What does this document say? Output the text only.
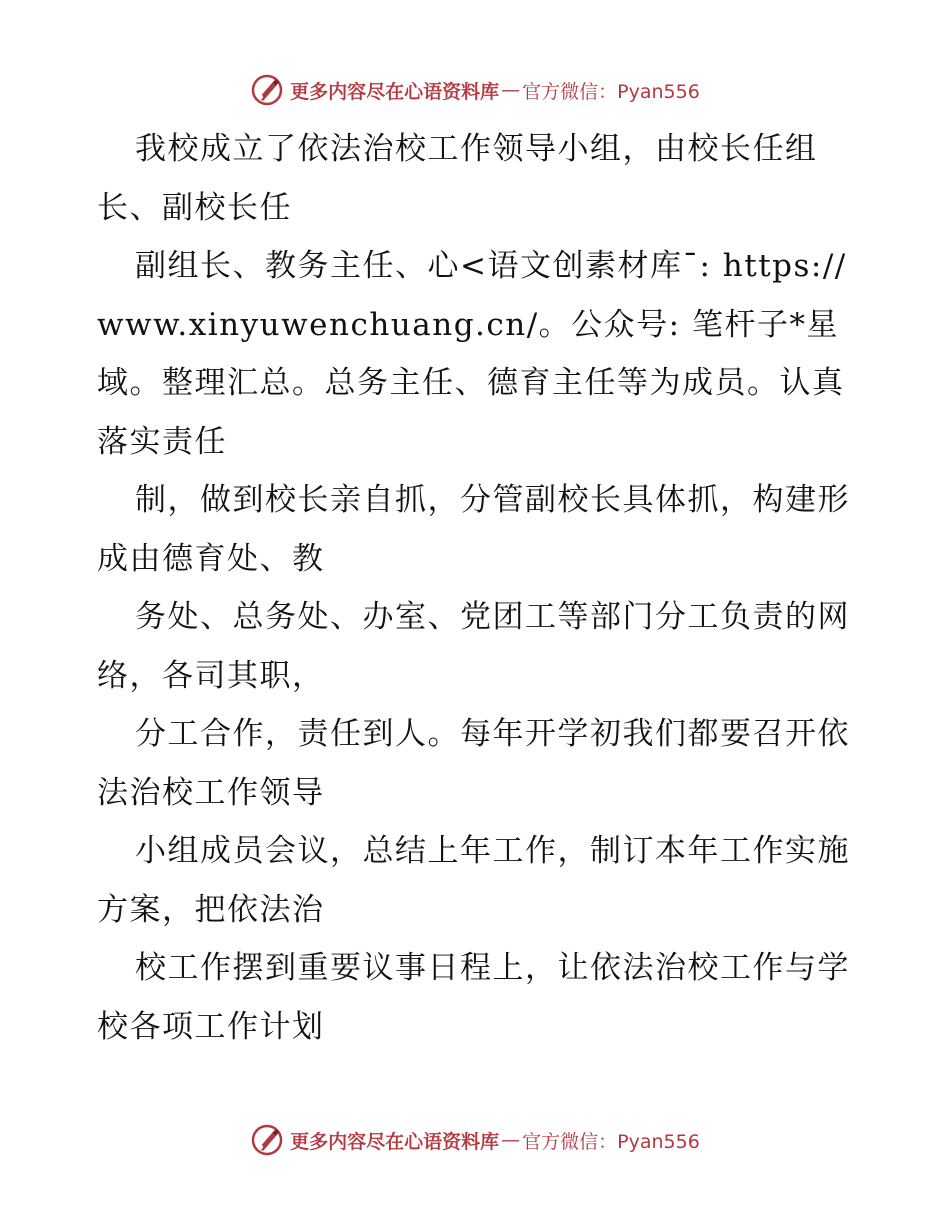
更多内容尽在心语资料库 — 官方微信：Pyan556

我校成立了依法治校工作领导小组，由校长任组长、副校长任

副组长、教务主任、心<语文创素材库¯: https://www.xinyuwenchuang.cn/。公众号: 笔杆子*星域。整理汇总。总务主任、德育主任等为成员。认真落实责任

制，做到校长亲自抓，分管副校长具体抓，构建形成由德育处、教

务处、总务处、办室、党团工等部门分工负责的网络，各司其职，

分工合作，责任到人。每年开学初我们都要召开依法治校工作领导

小组成员会议，总结上年工作，制订本年工作实施方案，把依法治

校工作摆到重要议事日程上，让依法治校工作与学校各项工作计划

更多内容尽在心语资料库 — 官方微信：Pyan556
